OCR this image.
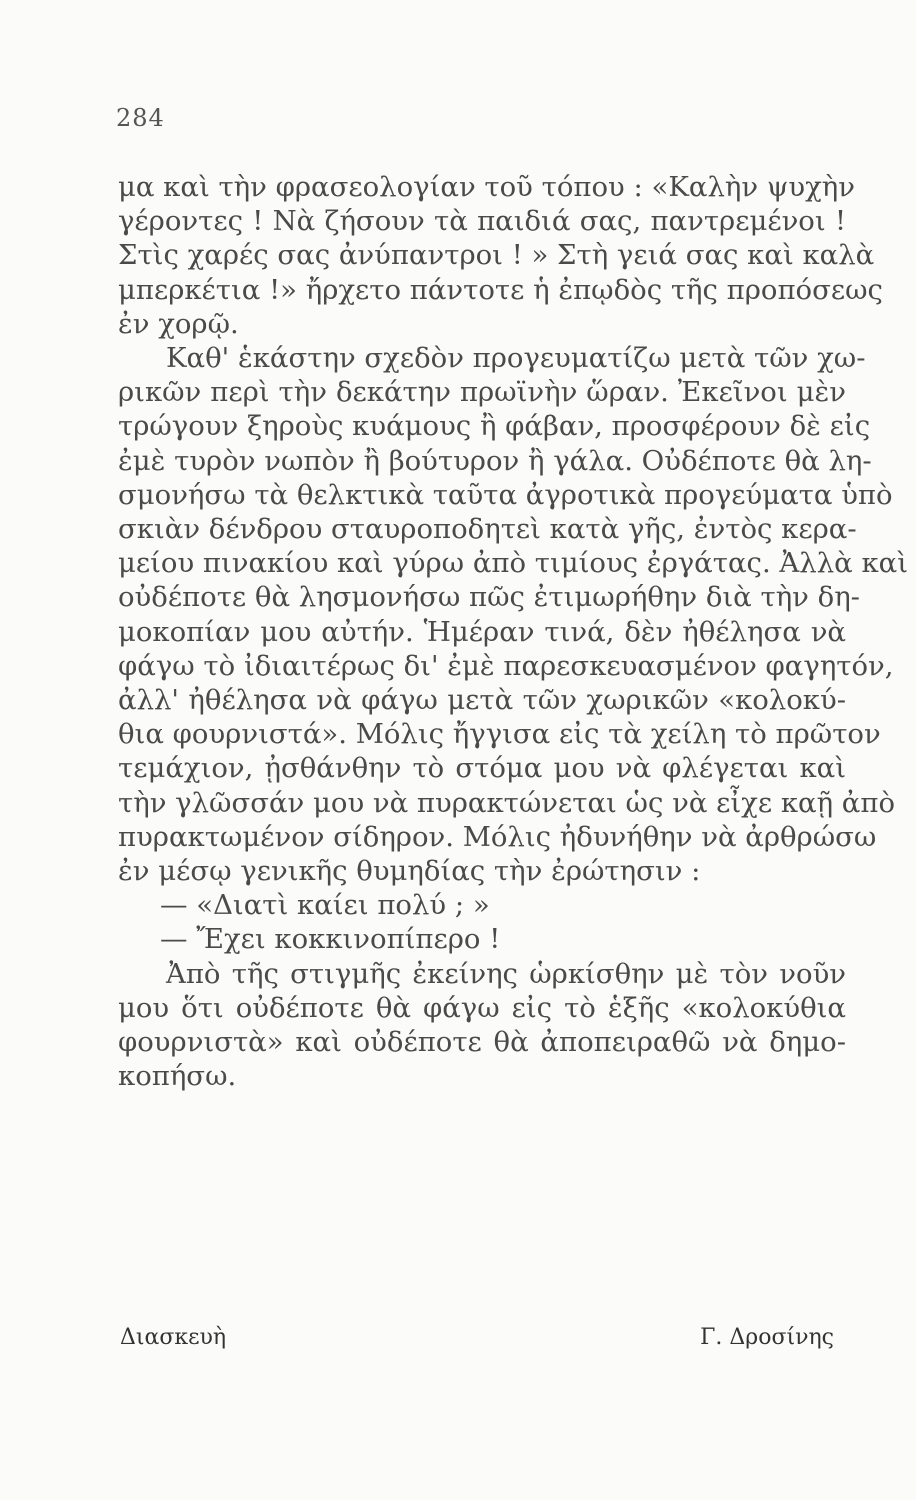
284
μα καὶ τὴν φρασεολογίαν τοῦ τόπου : «Καλὴν ψυχὴν
γέροντες ! Νὰ ζήσουν τὰ παιδιά σας, παντρεμένοι !
Στὶς χαρές σας ἀνύπαντροι ! » Στὴ γειά σας καὶ καλὰ
μπερκέτια !» ἤρχετο πάντοτε ἡ ἐπῳδὸς τῆς προπόσεως
ἐν χορῷ.
Καθ' ἑκάστην σχεδὸν προγευματίζω μετὰ τῶν χω-
ρικῶν περὶ τὴν δεκάτην πρωϊνὴν ὥραν. Ἐκεῖνοι μὲν
τρώγουν ξηροὺς κυάμους ἢ φάβαν, προσφέρουν δὲ εἰς
ἐμὲ τυρὸν νωπὸν ἢ βούτυρον ἢ γάλα. Οὐδέποτε θὰ λη-
σμονήσω τὰ θελκτικὰ ταῦτα ἀγροτικὰ προγεύματα ὑπὸ
σκιὰν δένδρου σταυροποδητεὶ κατὰ γῆς, ἐντὸς κερα-
μείου πινακίου καὶ γύρω ἀπὸ τιμίους ἐργάτας. Ἀλλὰ καὶ
οὐδέποτε θὰ λησμονήσω πῶς ἐτιμωρήθην διὰ τὴν δη-
μοκοπίαν μου αὐτήν. Ἡμέραν τινά, δὲν ἠθέλησα νὰ
φάγω τὸ ἰδιαιτέρως δι' ἐμὲ παρεσκευασμένον φαγητόν,
ἀλλ' ἠθέλησα νὰ φάγω μετὰ τῶν χωρικῶν «κολοκύ-
θια φουρνιστά». Μόλις ἤγγισα εἰς τὰ χείλη τὸ πρῶτον
τεμάχιον, ᾐσθάνθην τὸ στόμα μου νὰ φλέγεται καὶ
τὴν γλῶσσάν μου νὰ πυρακτώνεται ὡς νὰ εἶχε καῇ ἀπὸ
πυρακτωμένον σίδηρον. Μόλις ἠδυνήθην νὰ ἀρθρώσω
ἐν μέσῳ γενικῆς θυμηδίας τὴν ἐρώτησιν :
— «Διατὶ καίει πολύ ; »
— Ἔχει κοκκινοπίπερο !
Ἀπὸ τῆς στιγμῆς ἐκείνης ὡρκίσθην μὲ τὸν νοῦν
μου ὅτι οὐδέποτε θὰ φάγω εἰς τὸ ἑξῆς «κολοκύθια
φουρνιστὰ» καὶ οὐδέποτε θὰ ἀποπειραθῶ νὰ δημο-
κοπήσω.
Διασκευὴ	Γ. Δροσίνης
